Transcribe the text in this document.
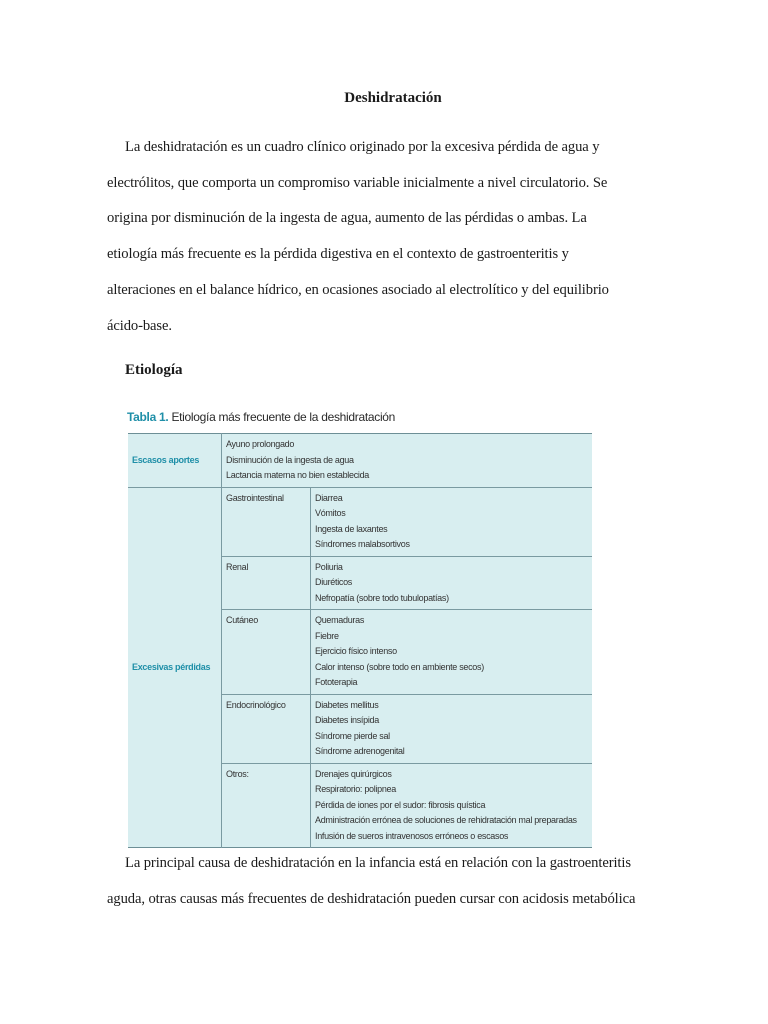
Deshidratación
La deshidratación es un cuadro clínico originado por la excesiva pérdida de agua y
electrólitos, que comporta un compromiso variable inicialmente a nivel circulatorio. Se
origina por disminución de la ingesta de agua, aumento de las pérdidas o ambas. La
etiología más frecuente es la pérdida digestiva en el contexto de gastroenteritis y
alteraciones en el balance hídrico, en ocasiones asociado al electrolítico y del equilibrio
ácido-base.
Etiología
Tabla 1. Etiología más frecuente de la deshidratación
Escasos aportes	Ayuno prolongado
Disminución de la ingesta de agua
Lactancia materna no bien establecida	

Excesivas pérdidas	Gastrointestinal	Diarrea
Vómitos
Ingesta de laxantes
Síndromes malabsortivos

	Renal	Poliuria
Diuréticos
Nefropatía (sobre todo tubulopatías)

	Cutáneo	Quemaduras
Fiebre
Ejercicio físico intenso
Calor intenso (sobre todo en ambiente secos)
Fototerapia

	Endocrinológico	Diabetes mellitus
Diabetes insípida
Síndrome pierde sal
Síndrome adrenogenital

	Otros:	Drenajes quirúrgicos
Respiratorio: polipnea
Pérdida de iones por el sudor: fibrosis quística
Administración errónea de soluciones de rehidratación mal preparadas
Infusión de sueros intravenosos erróneos o escasos
La principal causa de deshidratación en la infancia está en relación con la gastroenteritis
aguda, otras causas más frecuentes de deshidratación pueden cursar con acidosis metabólica
